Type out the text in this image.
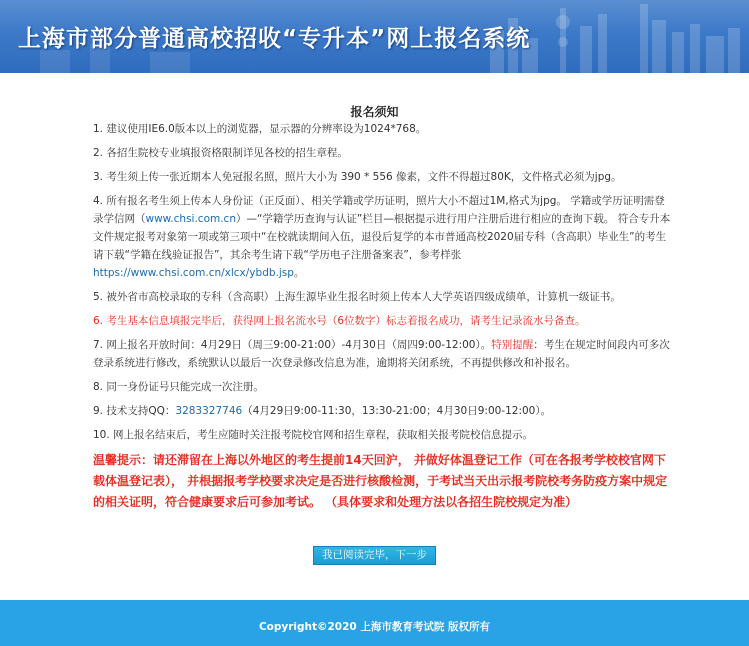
上海市部分普通高校招收“专升本”网上报名系统
报名须知
1. 建议使用IE6.0版本以上的浏览器，显示器的分辨率设为1024*768。
2. 各招生院校专业填报资格限制详见各校的招生章程。
3. 考生须上传一张近期本人免冠报名照，照片大小为 390 * 556 像素，文件不得超过80K，文件格式必须为jpg。
4. 所有报名考生须上传本人身份证（正反面）、相关学籍或学历证明，照片大小不超过1M,格式为jpg。 学籍或学历证明需登录学信网（www.chsi.com.cn）—“学籍学历查询与认证”栏目—根据提示进行用户注册后进行相应的查询下载。 符合专升本文件规定报考对象第一项或第三项中“在校就读期间入伍，退役后复学的本市普通高校2020届专科（含高职）毕业生”的考生请下载“学籍在线验证报告”，其余考生请下载“学历电子注册备案表”，参考样张 https://www.chsi.com.cn/xlcx/ybdb.jsp。
5. 被外省市高校录取的专科（含高职）上海生源毕业生报名时须上传本人大学英语四级成绩单，计算机一级证书。
6. 考生基本信息填报完毕后，获得网上报名流水号（6位数字）标志着报名成功，请考生记录流水号备查。
7. 网上报名开放时间：4月29日（周三9:00-21:00）-4月30日（周四9:00-12:00）。特别提醒：考生在规定时间段内可多次登录系统进行修改，系统默认以最后一次登录修改信息为准，逾期将关闭系统，不再提供修改和补报名。
8. 同一身份证号只能完成一次注册。
9. 技术支持QQ：3283327746（4月29日9:00-11:30，13:30-21:00；4月30日9:00-12:00）。
10. 网上报名结束后，考生应随时关注报考院校官网和招生章程，获取相关报考院校信息提示。
温馨提示：请还滞留在上海以外地区的考生提前14天回沪， 并做好体温登记工作（可在各报考学校校官网下载体温登记表）， 并根据报考学校要求决定是否进行核酸检测，于考试当天出示报考院校考务防疫方案中规定的相关证明，符合健康要求后可参加考试。 （具体要求和处理方法以各招生院校规定为准）
我已阅读完毕，下一步
Copyright©2020 上海市教育考试院 版权所有
